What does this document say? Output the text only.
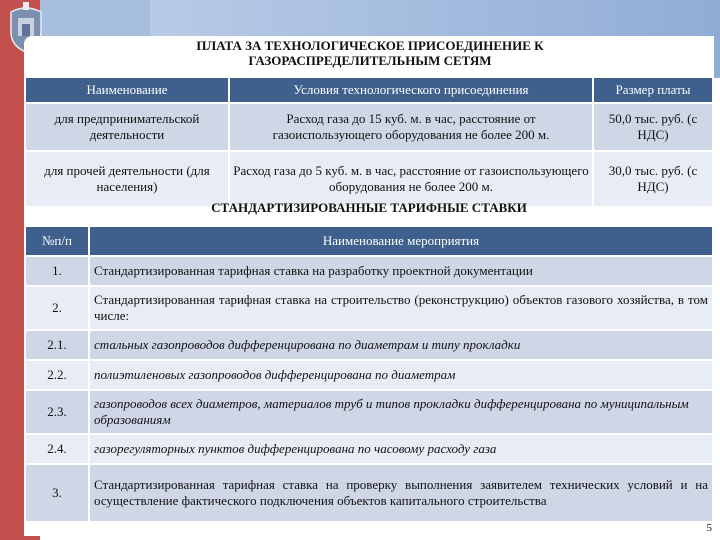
ПЛАТА ЗА ТЕХНОЛОГИЧЕСКОЕ ПРИСОЕДИНЕНИЕ К ГАЗОРАСПРЕДЕЛИТЕЛЬНЫМ СЕТЯМ
Наименование	Условия технологического присоединения	Размер платы
для предпринимательской деятельности	Расход газа до 15 куб. м. в час, расстояние от газоиспользующего оборудования не более 200 м.	50,0 тыс. руб. (с НДС)
для прочей деятельности (для населения)	Расход газа до 5 куб. м. в час, расстояние от газоиспользующего оборудования не более 200 м.	30,0 тыс. руб. (с НДС)
СТАНДАРТИЗИРОВАННЫЕ ТАРИФНЫЕ СТАВКИ
№п/п	Наименование мероприятия
1.	Стандартизированная тарифная ставка на разработку проектной документации
2.	Стандартизированная тарифная ставка на строительство (реконструкцию) объектов газового хозяйства, в том числе:
2.1.	стальных газопроводов дифференцирована по диаметрам и типу прокладки
2.2.	полиэтиленовых газопроводов дифференцирована по диаметрам
2.3.	газопроводов всех диаметров, материалов труб и типов прокладки дифференцирована по муниципальным образованиям
2.4.	газорегуляторных пунктов дифференцирована по часовому расходу газа
3.	Стандартизированная тарифная ставка на проверку выполнения заявителем технических условий и на осуществление фактического подключения объектов капитального строительства
5
